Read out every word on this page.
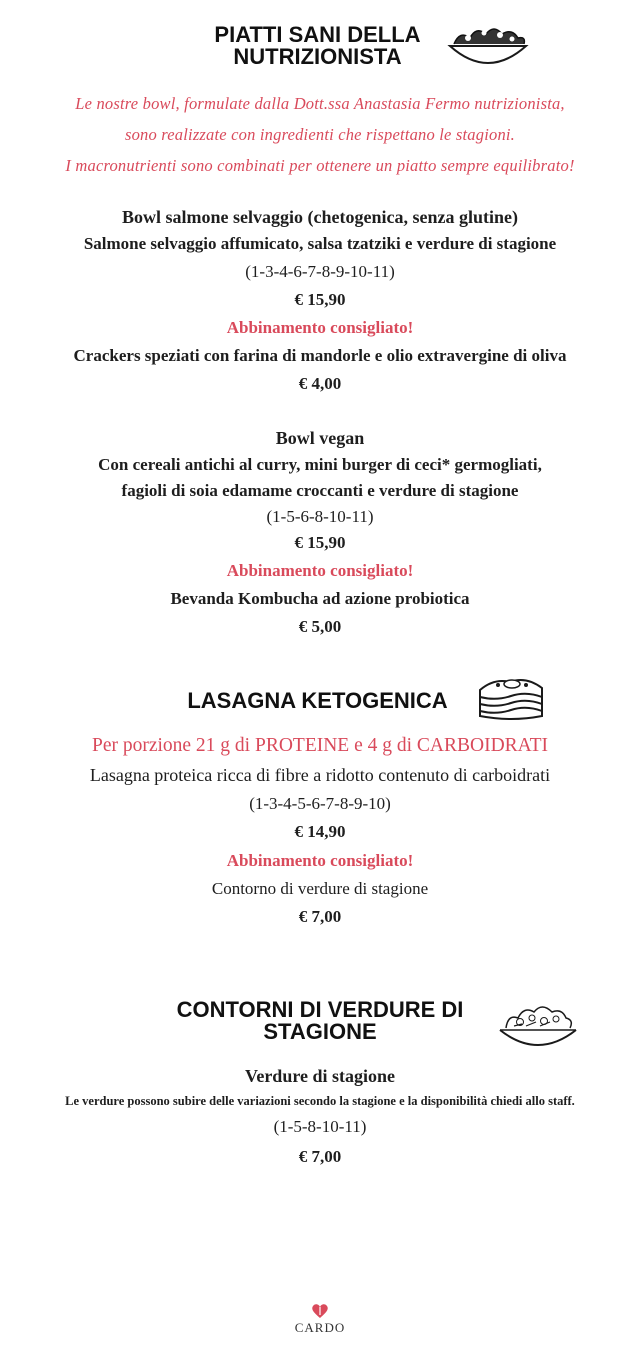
PIATTI SANI DELLA
NUTRIZIONISTA
Le nostre bowl, formulate dalla Dott.ssa Anastasia Fermo nutrizionista,
sono realizzate con ingredienti che rispettano le stagioni.
I macronutrienti sono combinati per ottenere un piatto sempre equilibrato!
Bowl salmone selvaggio (chetogenica, senza glutine)
Salmone selvaggio affumicato, salsa tzatziki e verdure di stagione
(1-3-4-6-7-8-9-10-11)
€ 15,90
Abbinamento consigliato!
Crackers speziati con farina di mandorle e olio extravergine di oliva
€ 4,00
Bowl vegan
Con cereali antichi al curry, mini burger di ceci* germogliati,
fagioli di soia edamame croccanti e verdure di stagione
(1-5-6-8-10-11)
€ 15,90
Abbinamento consigliato!
Bevanda Kombucha ad azione probiotica
€ 5,00
LASAGNA KETOGENICA
Per porzione 21 g di PROTEINE e 4 g di CARBOIDRATI
Lasagna proteica ricca di fibre a ridotto contenuto di carboidrati
(1-3-4-5-6-7-8-9-10)
€ 14,90
Abbinamento consigliato!
Contorno di verdure di stagione
€ 7,00
CONTORNI DI VERDURE DI
STAGIONE
Verdure di stagione
Le verdure possono subire delle variazioni secondo la stagione e la disponibilità chiedi allo staff.
(1-5-8-10-11)
€ 7,00
CARDO
